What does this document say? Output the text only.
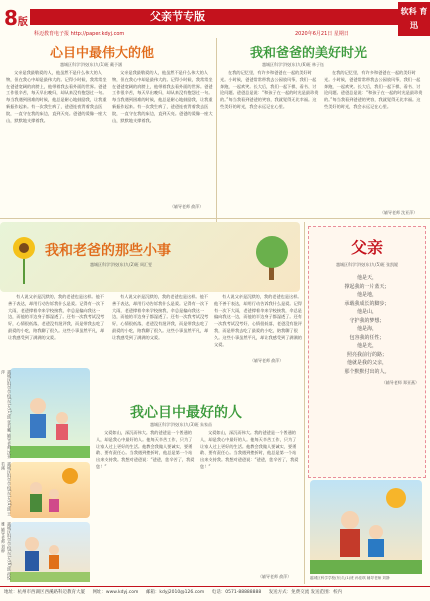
8版	父亲节专版
科迈教育电子报 http://paper.kdyj.com	2020年6月21日 星期日
软科 育迅
心目中最伟大的他
越城区科学学校(东)九(1)班 戴予涵
父亲是我最敬爱的人，他虽然不是什么伟大的人物，但在我心中却是最伟大的。记得小时候，我常常坐在爸爸宽阔的肩膀上，他带着我去看外面的世界。爸爸工作很辛苦，每天早出晚归，却从来没有抱怨过一句。每当我遇到困难的时候，他总是耐心地鼓励我，让我重新振作起来。有一次我生病了，爸爸连夜背着我去医院，一直守在我的床边，直到天亮。爸爸的爱像一座大山，默默地支撑着我。
父亲是我最敬爱的人，他虽然不是什么伟大的人物，但在我心中却是最伟大的。记得小时候，我常常坐在爸爸宽阔的肩膀上，他带着我去看外面的世界。爸爸工作很辛苦，每天早出晚归，却从来没有抱怨过一句。每当我遇到困难的时候，他总是耐心地鼓励我，让我重新振作起来。有一次我生病了，爸爸连夜背着我去医院，一直守在我的床边，直到天亮。爸爸的爱像一座大山，默默地支撑着我。
（辅导老师 俞萍）
我和爸爸的美好时光
越城区科学学校(东)九(6)班 林子钰
在我的记忆里，有许多和爸爸在一起的美好时光。小时候，爸爸常常带我去公园放风筝，我们一起奔跑，一起欢笑。长大后，我们一起下棋、看书、讨论问题。爸爸总是说：“和孩子在一起的时光是最珍贵的。”每当我看到爸爸的笑容，我就觉得无比幸福。这些美好的时光，我会永远记在心里。
在我的记忆里，有许多和爸爸在一起的美好时光。小时候，爸爸常常带我去公园放风筝，我们一起奔跑，一起欢笑。长大后，我们一起下棋、看书、讨论问题。爸爸总是说：“和孩子在一起的时光是最珍贵的。”每当我看到爸爸的笑容，我就觉得无比幸福。这些美好的时光，我会永远记在心里。
（辅导老师 沈亚萍）
我和老爸的那些小事
越城区科学学校(东)九(2)班 周汇雯
有人说父亲是沉默的，我的老爸也是这样。他不善于表达，却用行动告诉我什么是爱。记得有一次下大雨，老爸撑着伞来学校接我，伞总是偏向我这一边，而他的半边身子都湿透了。还有一次我考试没考好，心情很低落，老爸没有批评我，而是带我去吃了最爱的小吃，陪我聊了很久。这些小事虽然平凡，却让我感受到了满满的父爱。
有人说父亲是沉默的，我的老爸也是这样。他不善于表达，却用行动告诉我什么是爱。记得有一次下大雨，老爸撑着伞来学校接我，伞总是偏向我这一边，而他的半边身子都湿透了。还有一次我考试没考好，心情很低落，老爸没有批评我，而是带我去吃了最爱的小吃，陪我聊了很久。这些小事虽然平凡，却让我感受到了满满的父爱。
有人说父亲是沉默的，我的老爸也是这样。他不善于表达，却用行动告诉我什么是爱。记得有一次下大雨，老爸撑着伞来学校接我，伞总是偏向我这一边，而他的半边身子都湿透了。还有一次我考试没考好，心情很低落，老爸没有批评我，而是带我去吃了最爱的小吃，陪我聊了很久。这些小事虽然平凡，却让我感受到了满满的父爱。
（辅导老师 俞萍）
越城区科学学校(东)九(1)班 张若曦 辅导老师 沈亚萍
越城区科学学校(东)九(4)班 王若溪
越城区科学学校(东)九(6)班 孙悦雅 辅导老师 刘静
我心目中最好的人
越城区科学学校(东)九(3)班 朱家苗
父爱如山，深沉而伟大。我的爸爸是一个普通的人，却是我心中最好的人。他每天辛苦工作，只为了让家人过上更好的生活。他教会我做人要诚实、要勇敢、要有责任心。当我遇到挫折时，他总是第一个站出来支持我。我想对爸爸说：“爸爸，您辛苦了，我爱您！”
父爱如山，深沉而伟大。我的爸爸是一个普通的人，却是我心中最好的人。他每天辛苦工作，只为了让家人过上更好的生活。他教会我做人要诚实、要勇敢、要有责任心。当我遇到挫折时，他总是第一个站出来支持我。我想对爸爸说：“爸爸，您辛苦了，我爱您！”
（辅导老师 俞萍）
父亲
越城区科学学校(东)九(5)班 张凯嫒
他是天，
撑起我的一片蓝天；
他是地，
承载我成长的脚步；
他是山，
守护我的梦想；
他是海，
包容我的任性；
他是光，
照亮我前行的路；
他就是我的父亲，
那个默默付出的人。
（辅导老师 郑亚燕）
越城区科学学校(东)九(1)班 孙佳琪 辅导老师 刘静
地址：杭州市西湖区西溪路科迈教育大厦 网址：www.kdyj.com 邮箱：kdyj2010@126.com 电话：0571-88888888 发送方式：免费交流 发送范围：校内
